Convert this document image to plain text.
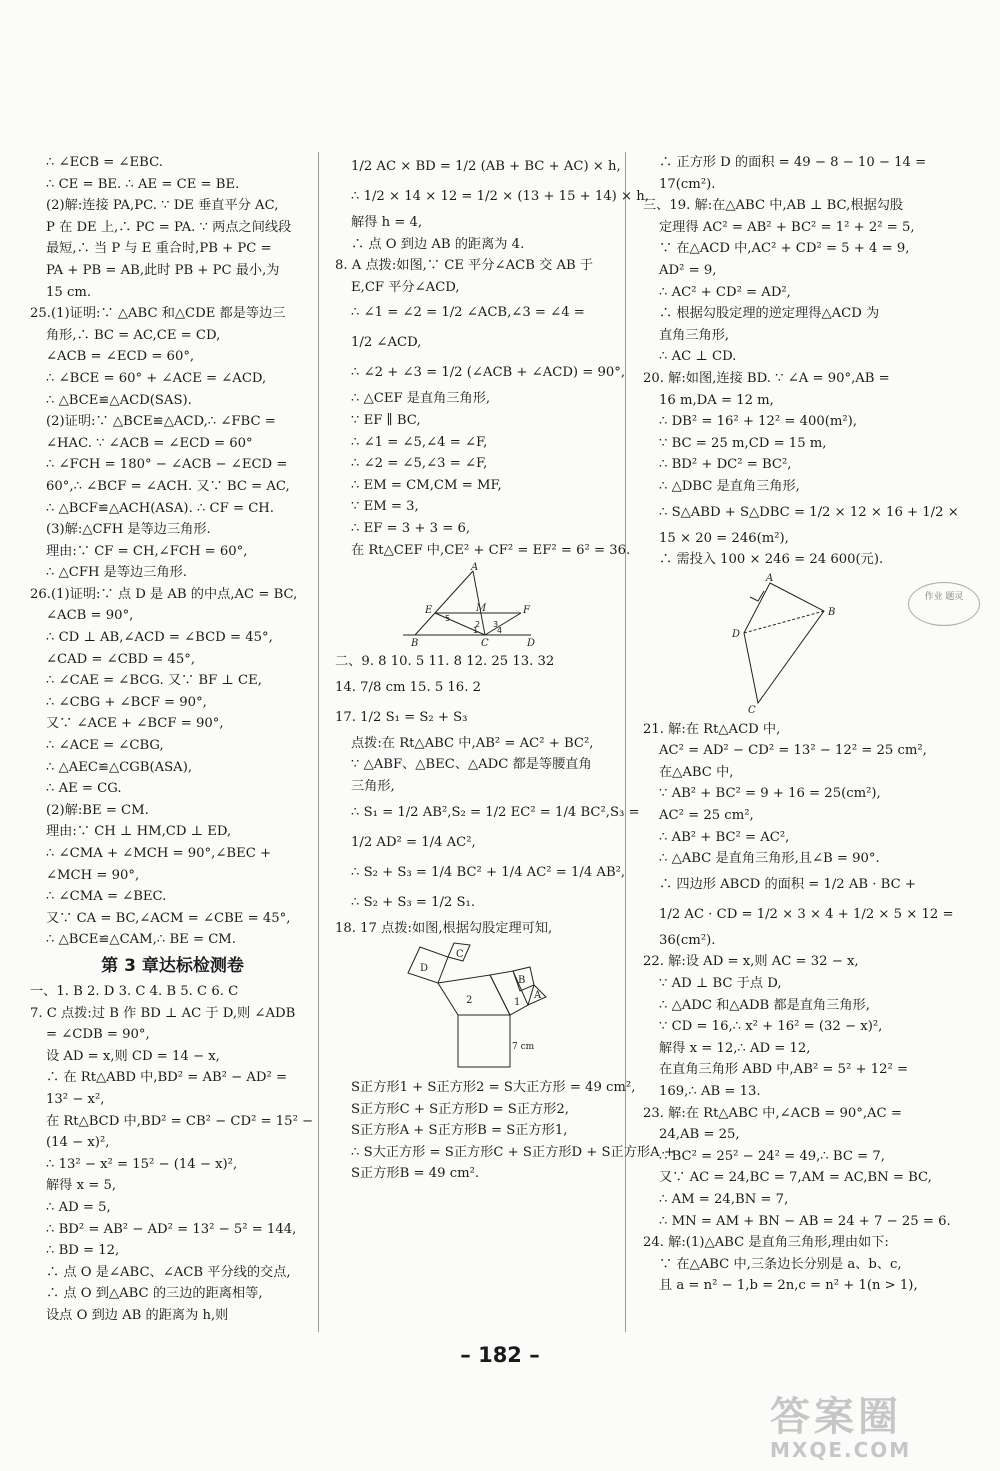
∴ ∠ECB = ∠EBC.
∴ CE = BE. ∴ AE = CE = BE.
(2)解:连接 PA,PC. ∵ DE 垂直平分 AC,
P 在 DE 上,∴ PC = PA. ∵ 两点之间线段
最短,∴ 当 P 与 E 重合时,PB + PC =
PA + PB = AB,此时 PB + PC 最小,为
15 cm.
25.(1)证明:∵ △ABC 和△CDE 都是等边三
角形,∴ BC = AC,CE = CD,
∠ACB = ∠ECD = 60°,
∴ ∠BCE = 60° + ∠ACE = ∠ACD,
∴ △BCE≌△ACD(SAS).
(2)证明:∵ △BCE≌△ACD,∴ ∠FBC =
∠HAC. ∵ ∠ACB = ∠ECD = 60°
∴ ∠FCH = 180° − ∠ACB − ∠ECD =
60°,∴ ∠BCF = ∠ACH. 又∵ BC = AC,
∴ △BCF≌△ACH(ASA). ∴ CF = CH.
(3)解:△CFH 是等边三角形.
理由:∵ CF = CH,∠FCH = 60°,
∴ △CFH 是等边三角形.
26.(1)证明:∵ 点 D 是 AB 的中点,AC = BC,
∠ACB = 90°,
∴ CD ⊥ AB,∠ACD = ∠BCD = 45°,
∠CAD = ∠CBD = 45°,
∴ ∠CAE = ∠BCG. 又∵ BF ⊥ CE,
∴ ∠CBG + ∠BCF = 90°,
又∵ ∠ACE + ∠BCF = 90°,
∴ ∠ACE = ∠CBG,
∴ △AEC≌△CGB(ASA),
∴ AE = CG.
(2)解:BE = CM.
理由:∵ CH ⊥ HM,CD ⊥ ED,
∴ ∠CMA + ∠MCH = 90°,∠BEC +
∠MCH = 90°,
∴ ∠CMA = ∠BEC.
又∵ CA = BC,∠ACM = ∠CBE = 45°,
∴ △BCE≌△CAM,∴ BE = CM.
第 3 章达标检测卷
一、1. B 2. D 3. C 4. B 5. C 6. C
7. C 点拨:过 B 作 BD ⊥ AC 于 D,则 ∠ADB
= ∠CDB = 90°,
设 AD = x,则 CD = 14 − x,
∴ 在 Rt△ABD 中,BD² = AB² − AD² =
13² − x²,
在 Rt△BCD 中,BD² = CB² − CD² = 15² −
(14 − x)²,
∴ 13² − x² = 15² − (14 − x)²,
解得 x = 5,
∴ AD = 5,
∴ BD² = AB² − AD² = 13² − 5² = 144,
∴ BD = 12,
∴ 点 O 是∠ABC、∠ACB 平分线的交点,
∴ 点 O 到△ABC 的三边的距离相等,
设点 O 到边 AB 的距离为 h,则
1/2 AC × BD = 1/2 (AB + BC + AC) × h,
∴ 1/2 × 14 × 12 = 1/2 × (13 + 15 + 14) × h,
解得 h = 4,
∴ 点 O 到边 AB 的距离为 4.
8. A 点拨:如图,∵ CE 平分∠ACB 交 AB 于
E,CF 平分∠ACD,
∴ ∠1 = ∠2 = 1/2 ∠ACB,∠3 = ∠4 =
1/2 ∠ACD,
∴ ∠2 + ∠3 = 1/2 (∠ACB + ∠ACD) = 90°,
∴ △CEF 是直角三角形,
∵ EF ∥ BC,
∴ ∠1 = ∠5,∠4 = ∠F,
∴ ∠2 = ∠5,∠3 = ∠F,
∴ EM = CM,CM = MF,
∵ EM = 3,
∴ EF = 3 + 3 = 6,
在 Rt△CEF 中,CE² + CF² = EF² = 6² = 36.
A
E	M	F
B	C	D
5
2 3
1 4
二、9. 8 10. 5 11. 8 12. 25 13. 32
14. 7/8 cm 15. 5 16. 2
17. 1/2 S₁ = S₂ + S₃
点拨:在 Rt△ABC 中,AB² = AC² + BC²,
∵ △ABF、△BEC、△ADC 都是等腰直角
三角形,
∴ S₁ = 1/2 AB²,S₂ = 1/2 EC² = 1/4 BC²,S₃ =
1/2 AD² = 1/4 AC²,
∴ S₂ + S₃ = 1/4 BC² + 1/4 AC² = 1/4 AB²,
∴ S₂ + S₃ = 1/2 S₁.
18. 17 点拨:如图,根据勾股定理可知,
D
C
2
B
1
A
7 cm
S正方形1 + S正方形2 = S大正方形 = 49 cm²,
S正方形C + S正方形D = S正方形2,
S正方形A + S正方形B = S正方形1,
∴ S大正方形 = S正方形C + S正方形D + S正方形A +
S正方形B = 49 cm².
∴ 正方形 D 的面积 = 49 − 8 − 10 − 14 =
17(cm²).
三、19. 解:在△ABC 中,AB ⊥ BC,根据勾股
定理得 AC² = AB² + BC² = 1² + 2² = 5,
∵ 在△ACD 中,AC² + CD² = 5 + 4 = 9,
AD² = 9,
∴ AC² + CD² = AD²,
∴ 根据勾股定理的逆定理得△ACD 为
直角三角形,
∴ AC ⊥ CD.
20. 解:如图,连接 BD. ∵ ∠A = 90°,AB =
16 m,DA = 12 m,
∴ DB² = 16² + 12² = 400(m²),
∵ BC = 25 m,CD = 15 m,
∴ BD² + DC² = BC²,
∴ △DBC 是直角三角形,
∴ S△ABD + S△DBC = 1/2 × 12 × 16 + 1/2 ×
15 × 20 = 246(m²),
∴ 需投入 100 × 246 = 24 600(元).
A
B
D
C
21. 解:在 Rt△ACD 中,
AC² = AD² − CD² = 13² − 12² = 25 cm²,
在△ABC 中,
∵ AB² + BC² = 9 + 16 = 25(cm²),
AC² = 25 cm²,
∴ AB² + BC² = AC²,
∴ △ABC 是直角三角形,且∠B = 90°.
∴ 四边形 ABCD 的面积 = 1/2 AB · BC +
1/2 AC · CD = 1/2 × 3 × 4 + 1/2 × 5 × 12 =
36(cm²).
22. 解:设 AD = x,则 AC = 32 − x,
∵ AD ⊥ BC 于点 D,
∴ △ADC 和△ADB 都是直角三角形,
∵ CD = 16,∴ x² + 16² = (32 − x)²,
解得 x = 12,∴ AD = 12,
在直角三角形 ABD 中,AB² = 5² + 12² =
169,∴ AB = 13.
23. 解:在 Rt△ABC 中,∠ACB = 90°,AC =
24,AB = 25,
∴ BC² = 25² − 24² = 49,∴ BC = 7,
又∵ AC = 24,BC = 7,AM = AC,BN = BC,
∴ AM = 24,BN = 7,
∴ MN = AM + BN − AB = 24 + 7 − 25 = 6.
24. 解:(1)△ABC 是直角三角形,理由如下:
∵ 在△ABC 中,三条边长分别是 a、b、c,
且 a = n² − 1,b = 2n,c = n² + 1(n > 1),
作业 题灵
– 182 –
答案圈
MXQE.COM
